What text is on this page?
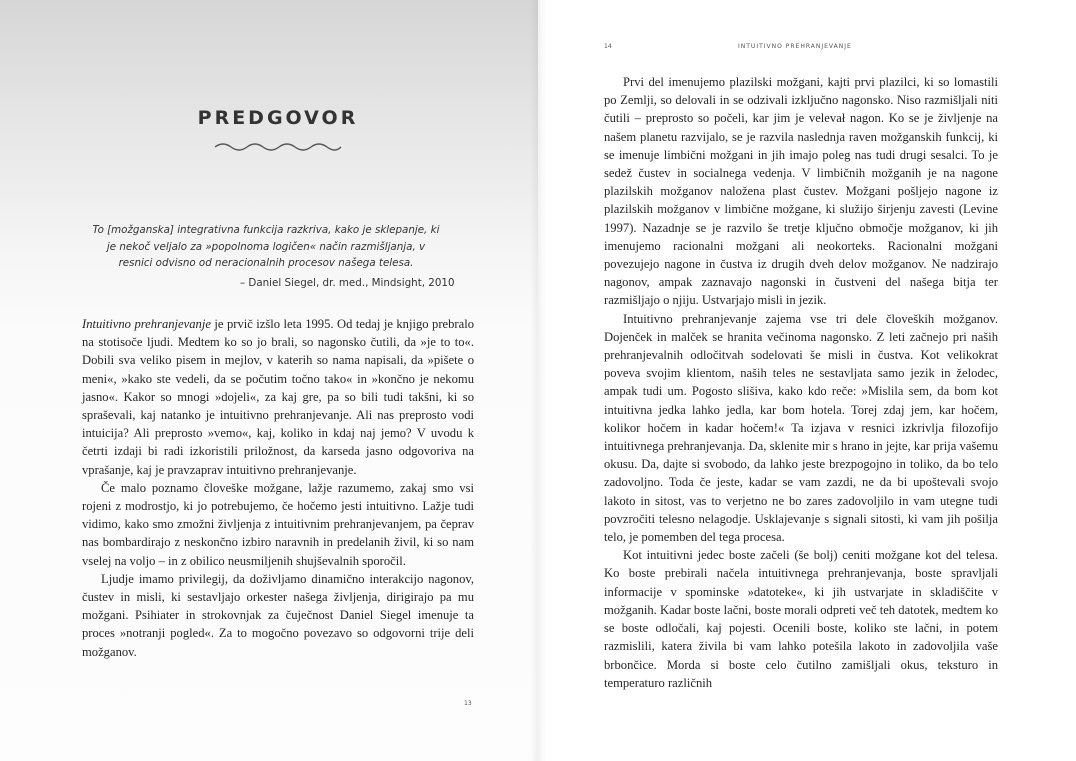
PREDGOVOR
To [možganska] integrativna funkcija razkriva, kako je sklepanje, ki je nekoč veljalo za »popolnoma logičen« način razmišljanja, v resnici odvisno od neracionalnih procesov našega telesa.
– Daniel Siegel, dr. med., Mindsight, 2010

Intuitivno prehranjevanje je prvič izšlo leta 1995. Od tedaj je knjigo prebralo na stotisoče ljudi. Medtem ko so jo brali, so nagonsko čutili, da »je to to«. Dobili sva veliko pisem in mejlov, v katerih so nama napisali, da »pišete o meni«, »kako ste vedeli, da se počutim točno tako« in »končno je nekomu jasno«. Kakor so mnogi »dojeli«, za kaj gre, pa so bili tudi takšni, ki so spraševali, kaj natanko je intuitivno prehranjevanje. Ali nas preprosto vodi intuicija? Ali preprosto »vemo«, kaj, koliko in kdaj naj jemo? V uvodu k četrti izdaji bi radi izkoristili priložnost, da karseda jasno odgovoriva na vprašanje, kaj je pravzaprav intuitivno prehranjevanje.

Če malo poznamo človeške možgane, lažje razumemo, zakaj smo vsi rojeni z modrostjo, ki jo potrebujemo, če hočemo jesti intuitivno. Lažje tudi vidimo, kako smo zmožni življenja z intuitivnim prehranjevanjem, pa čeprav nas bombardirajo z neskončno izbiro naravnih in predelanih živil, ki so nam vselej na voljo – in z obilico neusmiljenih shujševalnih sporočil.

Ljudje imamo privilegij, da doživljamo dinamično interakcijo nagonov, čustev in misli, ki sestavljajo orkester našega življenja, dirigirajo pa mu možgani. Psihiater in strokovnjak za čuječnost Daniel Siegel imenuje ta proces »notranji pogled«. Za to mogočno povezavo so odgovorni trije deli možganov.

13
14	INTUITIVNO PREHRANJEVANJE

Prvi del imenujemo plazilski možgani, kajti prvi plazilci, ki so lomastili po Zemlji, so delovali in se odzivali izključno nagonsko. Niso razmišljali niti čutili – preprosto so počeli, kar jim je velevał nagon. Ko se je življenje na našem planetu razvijalo, se je razvila naslednja raven možganskih funkcij, ki se imenuje limbični možgani in jih imajo poleg nas tudi drugi sesalci. To je sedež čustev in socialnega vedenja. V limbičnih možganih je na nagone plazilskih možganov naložena plast čustev. Možgani pošljejo nagone iz plazilskih možganov v limbične možgane, ki služijo širjenju zavesti (Levine 1997). Nazadnje se je razvilo še tretje ključno območje možganov, ki jih imenujemo racionalni možgani ali neokorteks. Racionalni možgani povezujejo nagone in čustva iz drugih dveh delov možganov. Ne nadzirajo nagonov, ampak zaznavajo nagonski in čustveni del našega bitja ter razmišljajo o njiju. Ustvarjajo misli in jezik.

Intuitivno prehranjevanje zajema vse tri dele človeških možganov. Dojenček in malček se hranita večinoma nagonsko. Z leti začnejo pri naših prehranjevalnih odločitvah sodelovati še misli in čustva. Kot velikokrat poveva svojim klientom, naših teles ne sestavljata samo jezik in želodec, ampak tudi um. Pogosto slišiva, kako kdo reče: »Mislila sem, da bom kot intuitivna jedka lahko jedla, kar bom hotela. Torej zdaj jem, kar hočem, kolikor hočem in kadar hočem!« Ta izjava v resnici izkrivlja filozofijo intuitivnega prehranjevanja. Da, sklenite mir s hrano in jejte, kar prija vašemu okusu. Da, dajte si svobodo, da lahko jeste brezpogojno in toliko, da bo telo zadovoljno. Toda če jeste, kadar se vam zazdi, ne da bi upoštevali svojo lakoto in sitost, vas to verjetno ne bo zares zadovoljilo in vam utegne tudi povzročiti telesno nelagodje. Usklajevanje s signali sitosti, ki vam jih pošilja telo, je pomemben del tega procesa.

Kot intuitivni jedec boste začeli (še bolj) ceniti možgane kot del telesa. Ko boste prebirali načela intuitivnega prehranjevanja, boste spravljali informacije v spominske »datoteke«, ki jih ustvarjate in skladiščite v možganih. Kadar boste lačni, boste morali odpreti več teh datotek, medtem ko se boste odločali, kaj pojesti. Ocenili boste, koliko ste lačni, in potem razmislili, katera živila bi vam lahko potešila lakoto in zadovoljila vaše brbončice. Morda si boste celo čutilno zamišljali okus, teksturo in temperaturo različnih
